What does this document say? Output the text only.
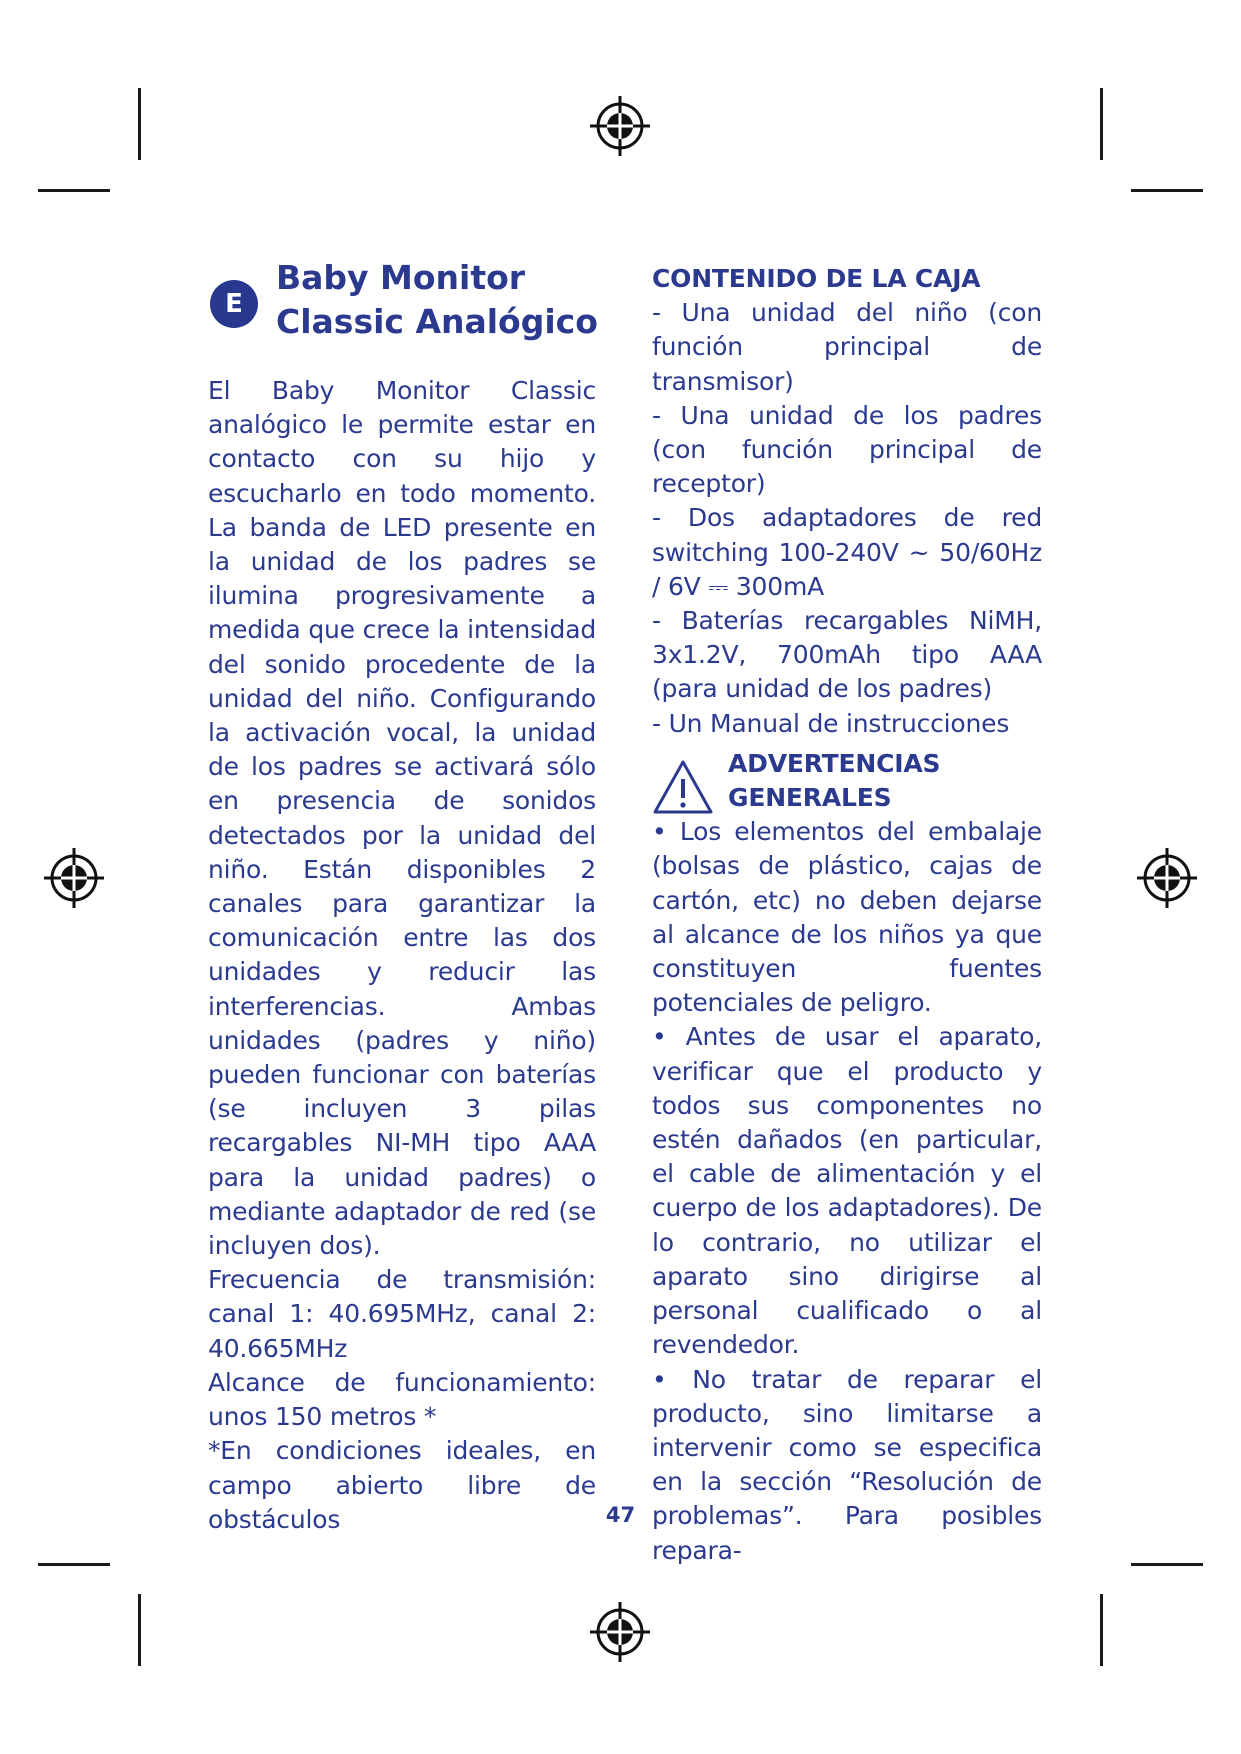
E
Baby Monitor
Classic Analógico

El Baby Monitor Classic analógico le permite estar en contacto con su hijo y escucharlo en todo momento. La banda de LED presente en la unidad de los padres se ilumina progresivamente a medida que crece la intensidad del sonido procedente de la unidad del niño. Configurando la activación vocal, la unidad de los padres se activará sólo en presencia de sonidos detectados por la unidad del niño. Están disponibles 2 canales para garantizar la comunicación entre las dos unidades y reducir las interferencias. Ambas unidades (padres y niño) pueden funcionar con baterías (se incluyen 3 pilas recargables NI-MH tipo AAA para la unidad padres) o mediante adaptador de red (se incluyen dos).

Frecuencia de transmisión: canal 1: 40.695MHz, canal 2: 40.665MHz

Alcance de funcionamiento: unos 150 metros *

*En condiciones ideales, en campo abierto libre de obstáculos

CONTENIDO DE LA CAJA

- Una unidad del niño (con función principal de transmisor)

- Una unidad de los padres (con función principal de receptor)

- Dos adaptadores de red switching 100-240V ~ 50/60Hz / 6V ⎓ 300mA

- Baterías recargables NiMH, 3x1.2V, 700mAh tipo AAA (para unidad de los padres)

- Un Manual de instrucciones

ADVERTENCIAS GENERALES

• Los elementos del embalaje (bolsas de plástico, cajas de cartón, etc) no deben dejarse al alcance de los niños ya que constituyen fuentes potenciales de peligro.

• Antes de usar el aparato, verificar que el producto y todos sus componentes no estén dañados (en particular, el cable de alimentación y el cuerpo de los adaptadores). De lo contrario, no utilizar el aparato sino dirigirse al personal cualificado o al revendedor.

• No tratar de reparar el producto, sino limitarse a intervenir como se especifica en la sección “Resolución de problemas”. Para posibles repara-

47
